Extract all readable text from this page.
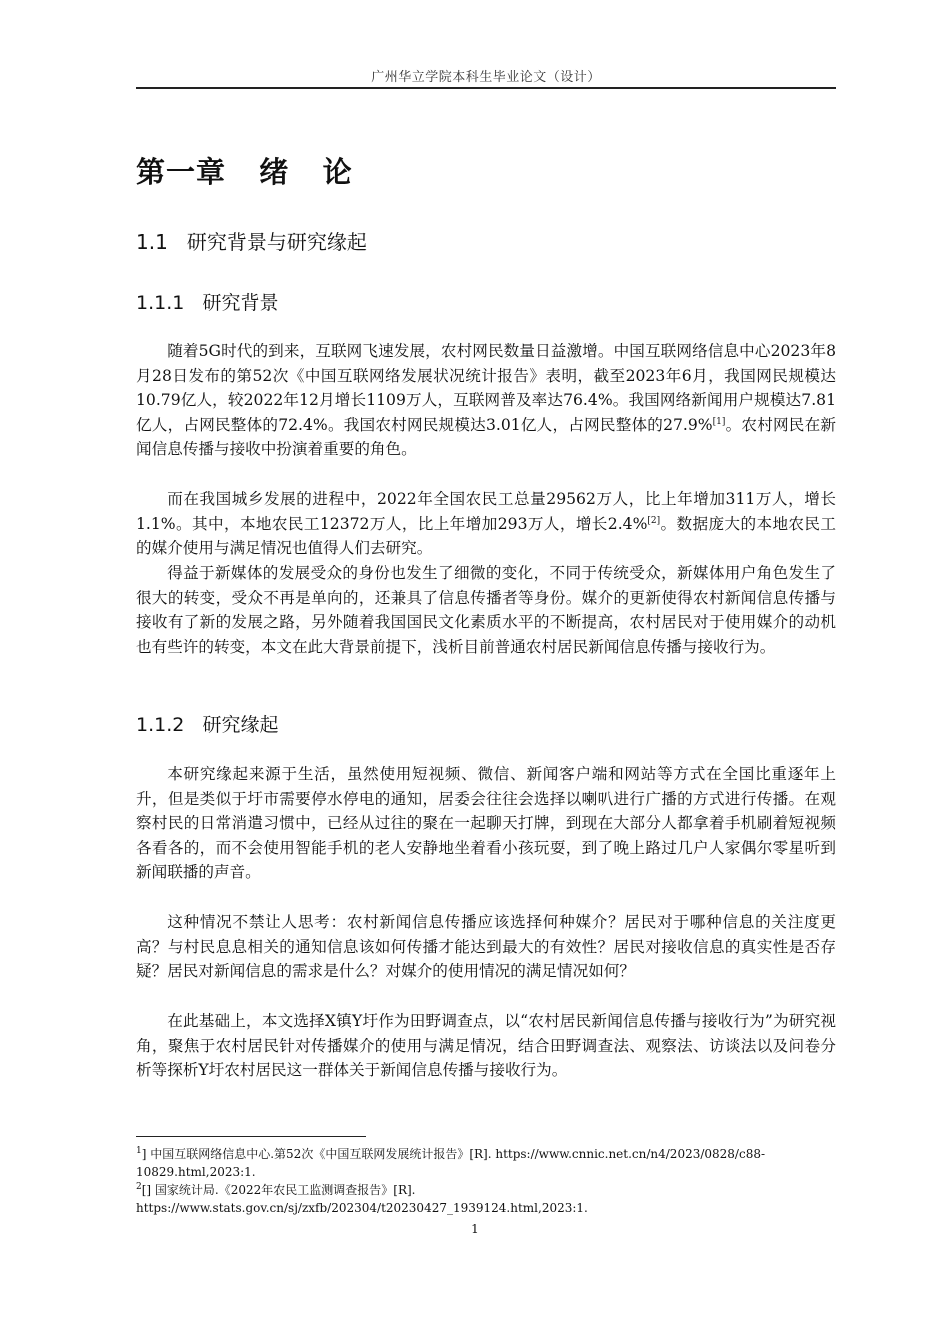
广州华立学院本科生毕业论文（设计）
第一章   绪   论
1.1   研究背景与研究缘起
1.1.1   研究背景

随着5G时代的到来，互联网飞速发展，农村网民数量日益激增。中国互联网络信息中心2023年8月28日发布的第52次《中国互联网络发展状况统计报告》表明，截至2023年6月，我国网民规模达10.79亿人，较2022年12月增长1109万人，互联网普及率达76.4%。我国网络新闻用户规模达7.81亿人，占网民整体的72.4%。我国农村网民规模达3.01亿人，占网民整体的27.9%[1]。农村网民在新闻信息传播与接收中扮演着重要的角色。

而在我国城乡发展的进程中，2022年全国农民工总量29562万人，比上年增加311万人，增长1.1%。其中，本地农民工12372万人，比上年增加293万人，增长2.4%[2]。数据庞大的本地农民工的媒介使用与满足情况也值得人们去研究。

得益于新媒体的发展受众的身份也发生了细微的变化，不同于传统受众，新媒体用户角色发生了很大的转变，受众不再是单向的，还兼具了信息传播者等身份。媒介的更新使得农村新闻信息传播与接收有了新的发展之路，另外随着我国国民文化素质水平的不断提高，农村居民对于使用媒介的动机也有些许的转变，本文在此大背景前提下，浅析目前普通农村居民新闻信息传播与接收行为。

1.1.2   研究缘起

本研究缘起来源于生活，虽然使用短视频、微信、新闻客户端和网站等方式在全国比重逐年上升，但是类似于圩市需要停水停电的通知，居委会往往会选择以喇叭进行广播的方式进行传播。在观察村民的日常消遣习惯中，已经从过往的聚在一起聊天打牌，到现在大部分人都拿着手机刷着短视频各看各的，而不会使用智能手机的老人安静地坐着看小孩玩耍，到了晚上路过几户人家偶尔零星听到新闻联播的声音。

这种情况不禁让人思考：农村新闻信息传播应该选择何种媒介？居民对于哪种信息的关注度更高？与村民息息相关的通知信息该如何传播才能达到最大的有效性？居民对接收信息的真实性是否存疑？居民对新闻信息的需求是什么？对媒介的使用情况的满足情况如何？

在此基础上，本文选择X镇Y圩作为田野调查点，以“农村居民新闻信息传播与接收行为”为研究视角，聚焦于农村居民针对传播媒介的使用与满足情况，结合田野调查法、观察法、访谈法以及问卷分析等探析Y圩农村居民这一群体关于新闻信息传播与接收行为。

$^1$] 中国互联网络信息中心.第52次《中国互联网发展统计报告》[R]. https://www.cnnic.net.cn/n4/2023/0828/c88-10829.html,2023:1.

$^2$[] 国家统计局.《2022年农民工监测调查报告》[R].
https://www.stats.gov.cn/sj/zxfb/202304/t20230427_1939124.html,2023:1.

1
